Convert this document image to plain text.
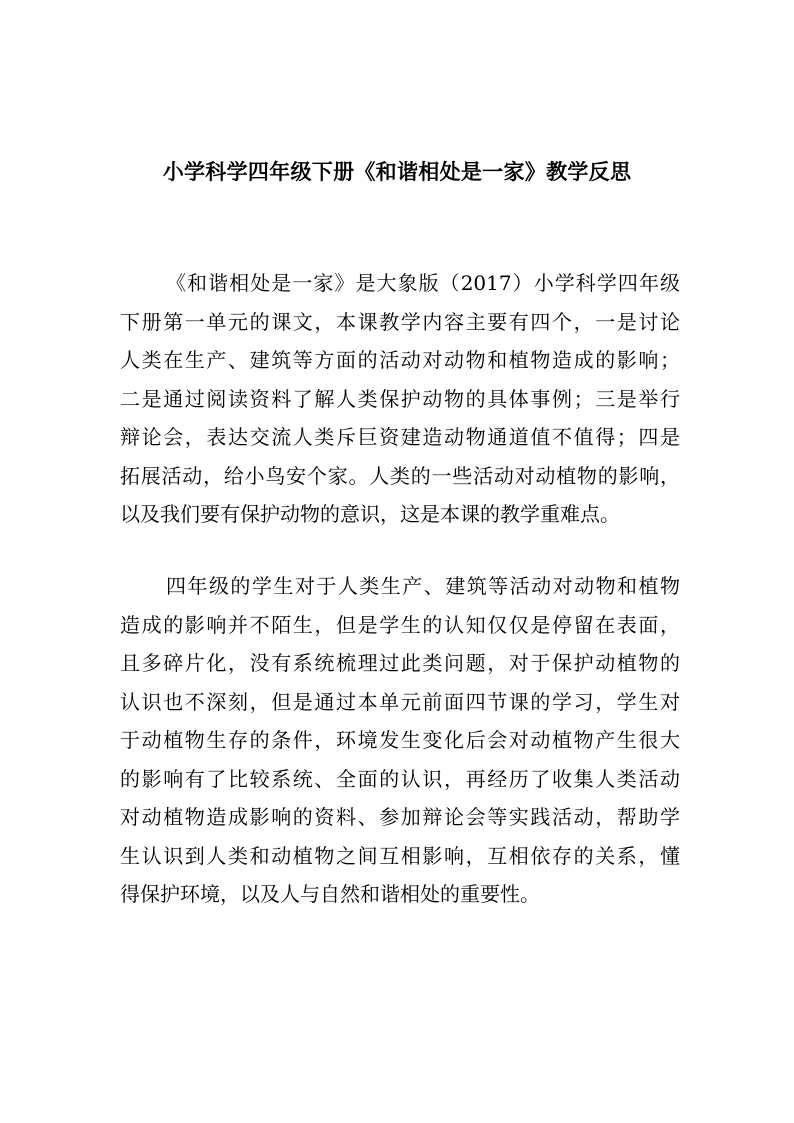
小学科学四年级下册《和谐相处是一家》教学反思
《和谐相处是一家》是大象版（2017）小学科学四年级
下册第一单元的课文，本课教学内容主要有四个，一是讨论
人类在生产、建筑等方面的活动对动物和植物造成的影响；
二是通过阅读资料了解人类保护动物的具体事例；三是举行
辩论会，表达交流人类斥巨资建造动物通道值不值得；四是
拓展活动，给小鸟安个家。人类的一些活动对动植物的影响，
以及我们要有保护动物的意识，这是本课的教学重难点。
四年级的学生对于人类生产、建筑等活动对动物和植物
造成的影响并不陌生，但是学生的认知仅仅是停留在表面，
且多碎片化，没有系统梳理过此类问题，对于保护动植物的
认识也不深刻，但是通过本单元前面四节课的学习，学生对
于动植物生存的条件，环境发生变化后会对动植物产生很大
的影响有了比较系统、全面的认识，再经历了收集人类活动
对动植物造成影响的资料、参加辩论会等实践活动，帮助学
生认识到人类和动植物之间互相影响，互相依存的关系，懂
得保护环境，以及人与自然和谐相处的重要性。
